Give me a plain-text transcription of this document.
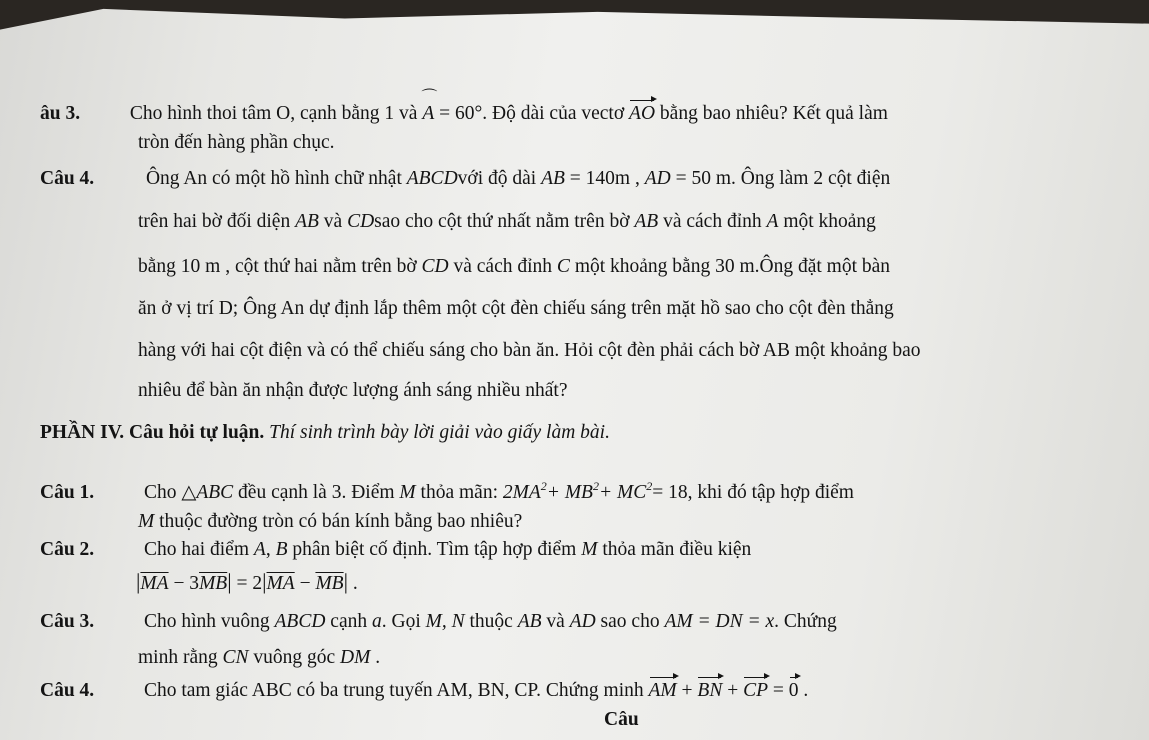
âu 3.	Cho hình thoi tâm O, cạnh bằng 1 và ⌒ A = 60°. Độ dài của vectơ AO bằng bao nhiêu? Kết quả làm
tròn đến hàng phần chục.
Câu 4.	Ông An có một hồ hình chữ nhật ABCDvới độ dài AB = 140m , AD = 50 m. Ông làm 2 cột điện
trên hai bờ đối diện AB và CDsao cho cột thứ nhất nằm trên bờ AB và cách đỉnh A một khoảng
bằng 10 m , cột thứ hai nằm trên bờ CD và cách đỉnh C một khoảng bằng 30 m.Ông đặt một bàn
ăn ở vị trí D; Ông An dự định lắp thêm một cột đèn chiếu sáng trên mặt hồ sao cho cột đèn thẳng
hàng với hai cột điện và có thể chiếu sáng cho bàn ăn. Hỏi cột đèn phải cách bờ AB một khoảng bao
nhiêu để bàn ăn nhận được lượng ánh sáng nhiều nhất?
PHẦN IV. Câu hỏi tự luận. Thí sinh trình bày lời giải vào giấy làm bài.
Câu 1.	Cho △ABC đều cạnh là 3. Điểm M thỏa mãn: $2MA^2+ MB^2+ MC^2= 18$, khi đó tập hợp điểm
M thuộc đường tròn có bán kính bằng bao nhiêu?
Câu 2.	Cho hai điểm A, B phân biệt cố định. Tìm tập hợp điểm M thỏa mãn điều kiện
$|\overline{MA} - 3\overline{MB}| = 2|\overline{MA} - \overline{MB}|$ .
Câu 3.	Cho hình vuông ABCD cạnh a. Gọi M, N thuộc AB và AD sao cho AM = DN = x. Chứng
minh rằng CN vuông góc DM .
Câu 4.	Cho tam giác ABC có ba trung tuyến AM, BN, CP. Chứng minh AM + BN + CP = 0 .
Câu
